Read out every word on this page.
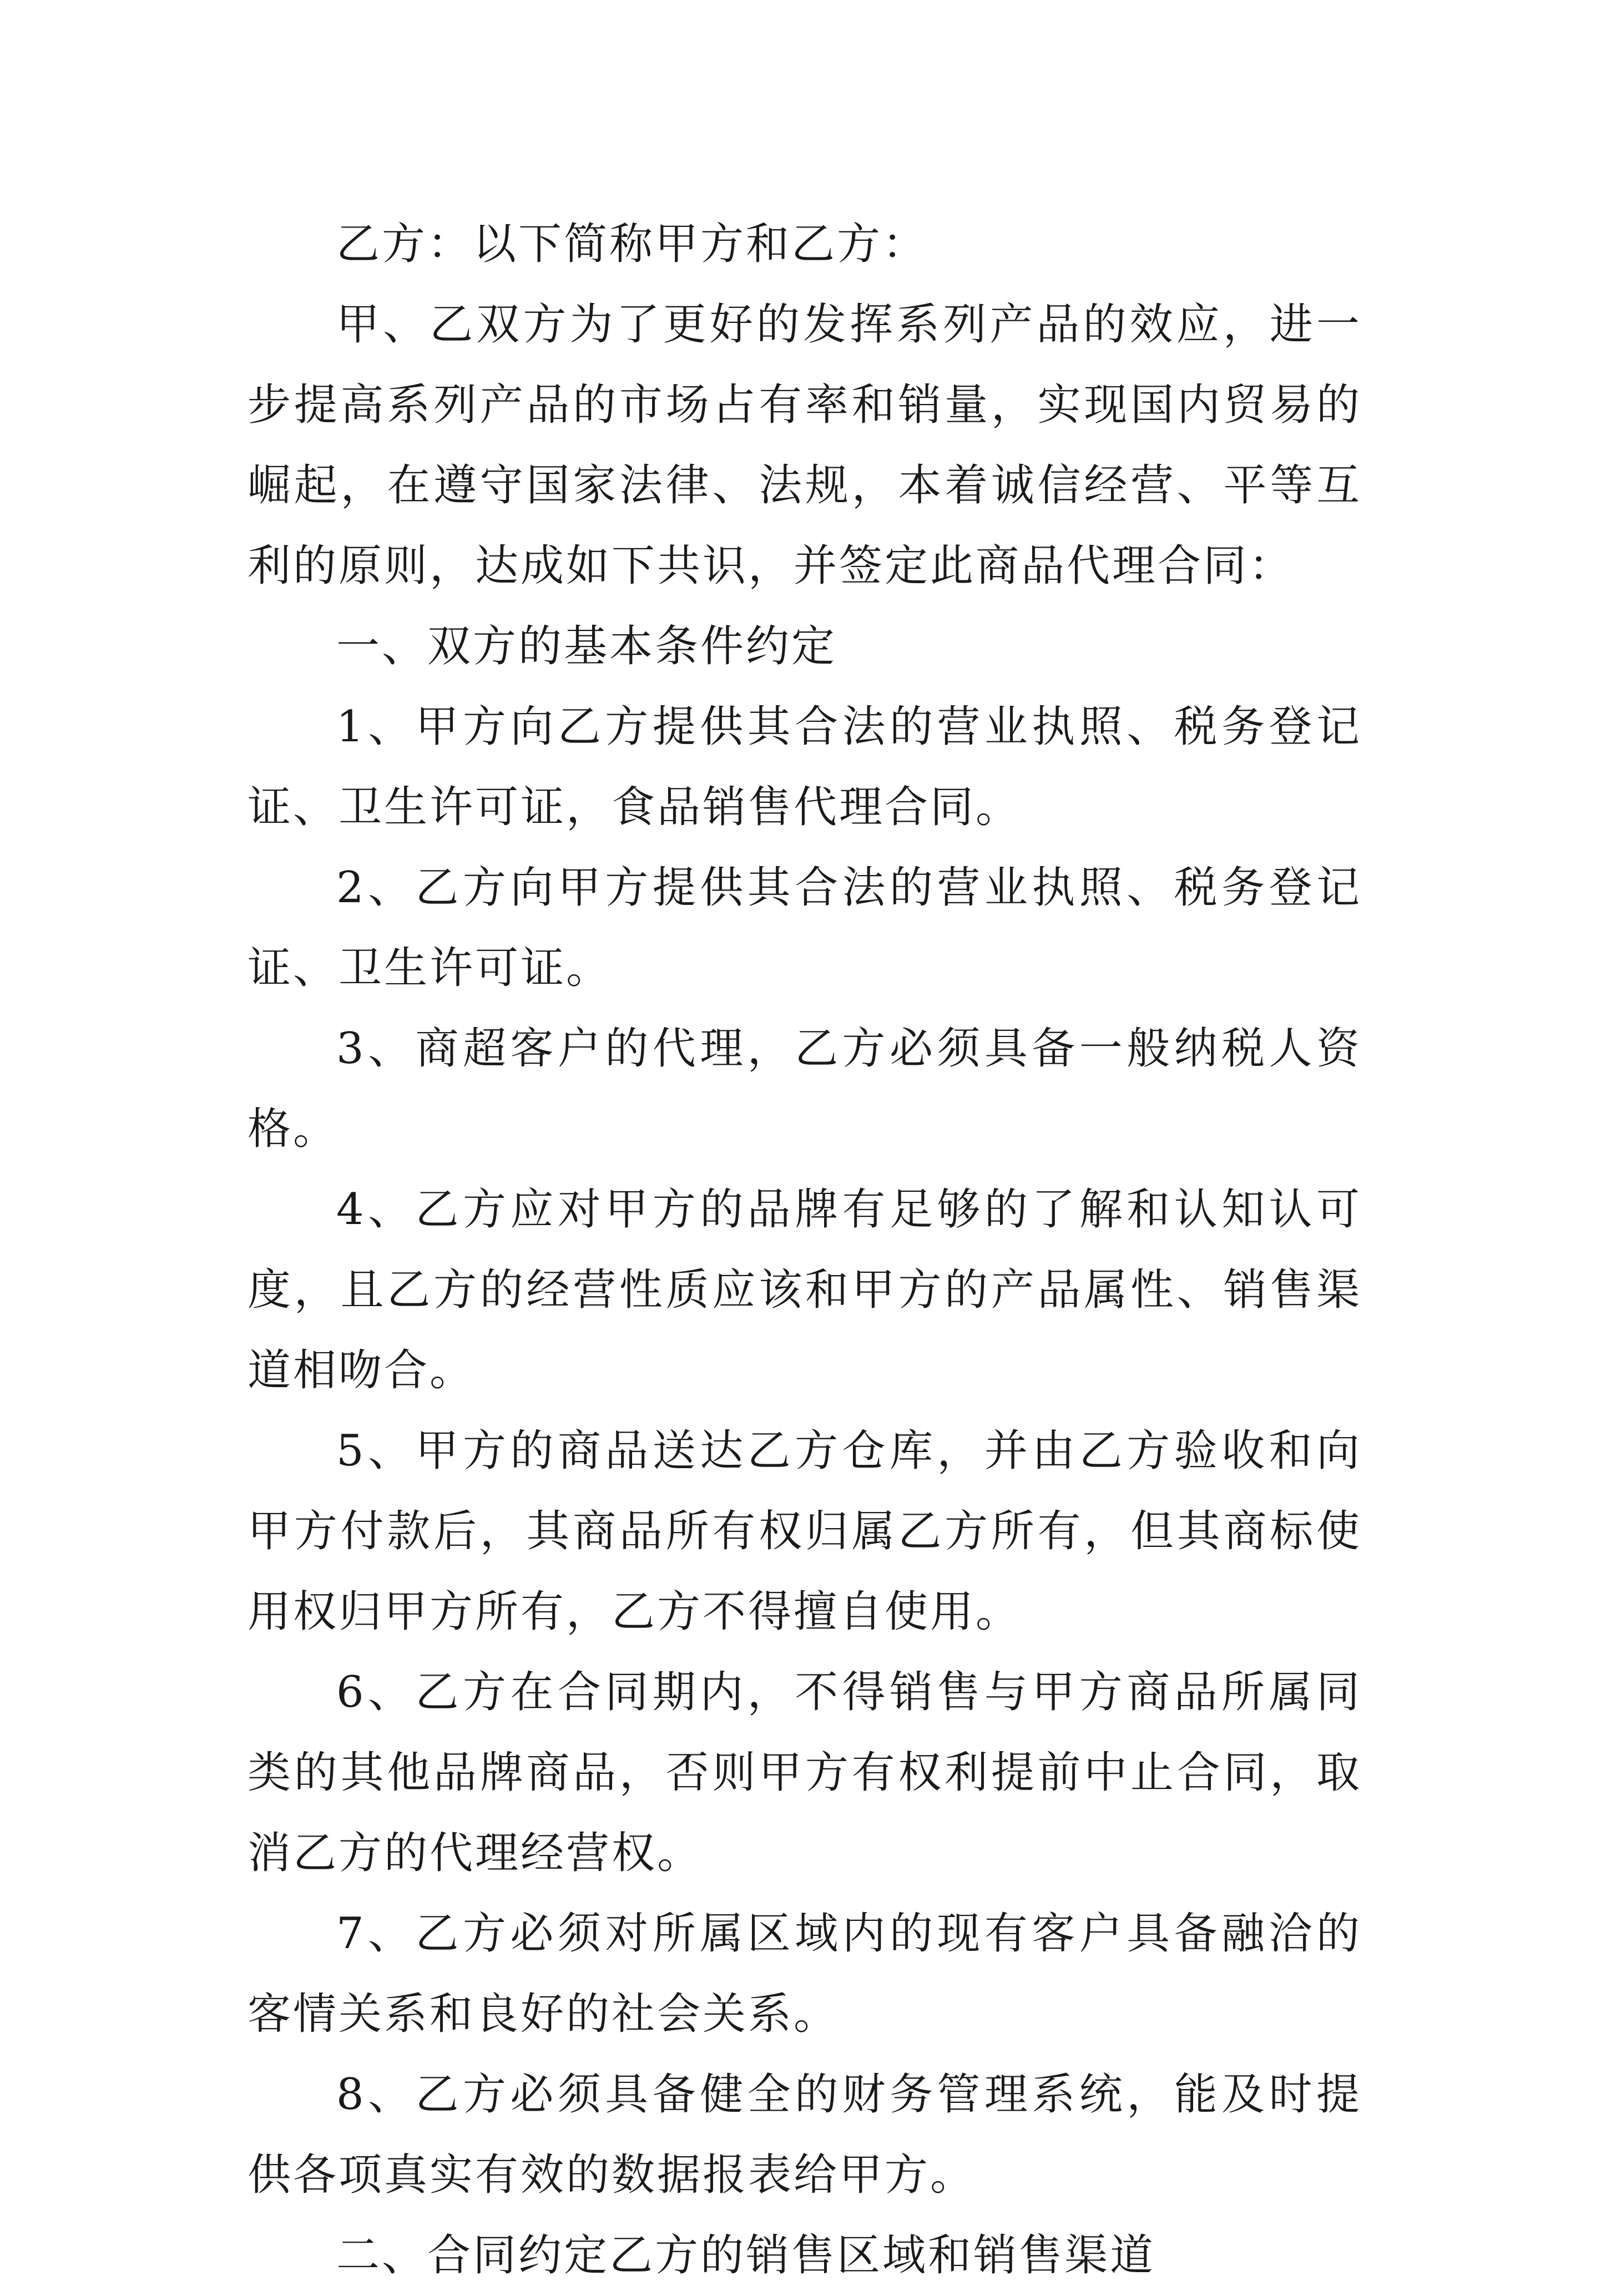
乙方：以下简称甲方和乙方：

甲、乙双方为了更好的发挥系列产品的效应，进一步提高系列产品的市场占有率和销量，实现国内贸易的崛起，在遵守国家法律、法规，本着诚信经营、平等互利的原则，达成如下共识，并签定此商品代理合同：

一、双方的基本条件约定

1、甲方向乙方提供其合法的营业执照、税务登记证、卫生许可证，食品销售代理合同。

2、乙方向甲方提供其合法的营业执照、税务登记证、卫生许可证。

3、商超客户的代理，乙方必须具备一般纳税人资格。

4、乙方应对甲方的品牌有足够的了解和认知认可度，且乙方的经营性质应该和甲方的产品属性、销售渠道相吻合。

5、甲方的商品送达乙方仓库，并由乙方验收和向甲方付款后，其商品所有权归属乙方所有，但其商标使用权归甲方所有，乙方不得擅自使用。

6、乙方在合同期内，不得销售与甲方商品所属同类的其他品牌商品，否则甲方有权利提前中止合同，取消乙方的代理经营权。

7、乙方必须对所属区域内的现有客户具备融洽的客情关系和良好的社会关系。

8、乙方必须具备健全的财务管理系统，能及时提供各项真实有效的数据报表给甲方。

二、合同约定乙方的销售区域和销售渠道
